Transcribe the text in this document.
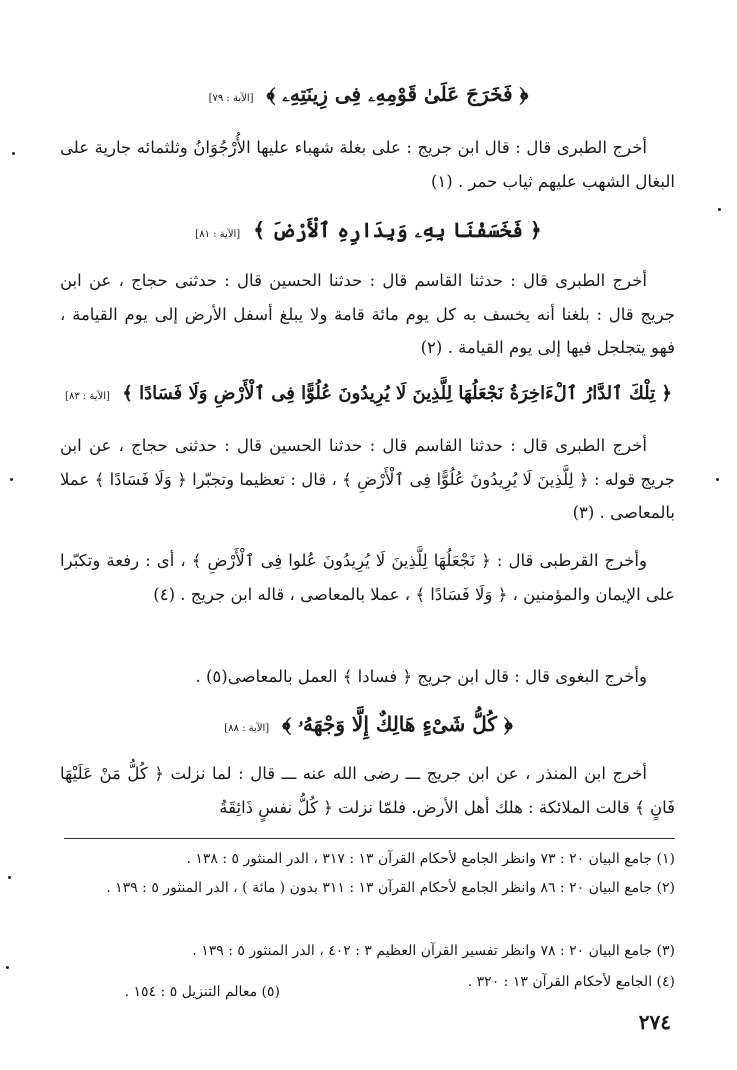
﴿ فَخَرَجَ عَلَىٰ قَوْمِهِۦ فِى زِينَتِهِۦ ﴾ [الآية : ٧٩]
أخرج الطبرى قال : قال ابن جريج : على بغلة شهباء عليها الأُرْجُوَانُ وثلثمائه جارية على البغال الشهب عليهم ثياب حمر . (١)
﴿ فَخَسَفْنَا بِهِۦ وَبِدَارِهِ ٱلْأَرْضَ ﴾ [الآية : ٨١]
أخرج الطبرى قال : حدثنا القاسم قال : حدثنا الحسين قال : حدثنى حجاج ، عن ابن جريج قال : بلغنا أنه يخسف به كل يوم مائة قامة ولا يبلغ أسفل الأرض إلى يوم القيامة ، فهو يتجلجل فيها إلى يوم القيامة . (٢)
﴿ تِلْكَ ٱلدَّارُ ٱلْءَاخِرَةُ نَجْعَلُهَا لِلَّذِينَ لَا يُرِيدُونَ عُلُوًّا فِى ٱلْأَرْضِ وَلَا فَسَادًا ﴾ [الآية : ٨٣]
أخرج الطبرى قال : حدثنا القاسم قال : حدثنا الحسين قال : حدثنى حجاج ، عن ابن جريج قوله : ﴿ لِلَّذِينَ لَا يُرِيدُونَ عُلُوًّا فِى ٱلْأَرْضِ ﴾ ، قال : تعظيما وتجبّرا ﴿ وَلَا فَسَادًا ﴾ عملا بالمعاصى . (٣)
وأخرج القرطبى قال : ﴿ نَجْعَلُهَا لِلَّذِينَ لَا يُرِيدُونَ عُلوا فِى ٱلْأَرْضِ ﴾ ، أى : رفعة وتكبّرا على الإيمان والمؤمنين ، ﴿ وَلَا فَسَادًا ﴾ ، عملا بالمعاصى ، قاله ابن جريج . (٤)
وأخرج البغوى قال : قال ابن جريج ﴿ فسادا ﴾ العمل بالمعاصى(٥) .
﴿ كُلُّ شَىْءٍ هَالِكٌ إِلَّا وَجْهَهُۥ ﴾ [الآية : ٨٨]
أخرج ابن المنذر ، عن ابن جريج ـــ رضى الله عنه ـــ قال : لما نزلت ﴿ كُلُّ مَنْ عَلَيْهَا فَانٍ ﴾ قالت الملائكة : هلك أهل الأرض. فلمّا نزلت ﴿ كُلُّ نفسٍ ذَائِقَةُ
(١) جامع البيان ٢٠ : ٧٣ وانظر الجامع لأحكام القرآن ١٣ : ٣١٧ ، الدر المنثور ٥ : ١٣٨ .
(٢) جامع البيان ٢٠ : ٨٦ وانظر الجامع لأحكام القرآن ١٣ : ٣١١ بدون ( مائة ) ، الدر المنثور ٥ : ١٣٩ .
(٣) جامع البيان ٢٠ : ٧٨ وانظر تفسير القرآن العظيم ٣ : ٤٠٢ ، الدر المنثور ٥ : ١٣٩ .
(٤) الجامع لأحكام القرآن ١٣ : ٣٢٠ .
(٥) معالم التنزيل ٥ : ١٥٤ .
٢٧٤
